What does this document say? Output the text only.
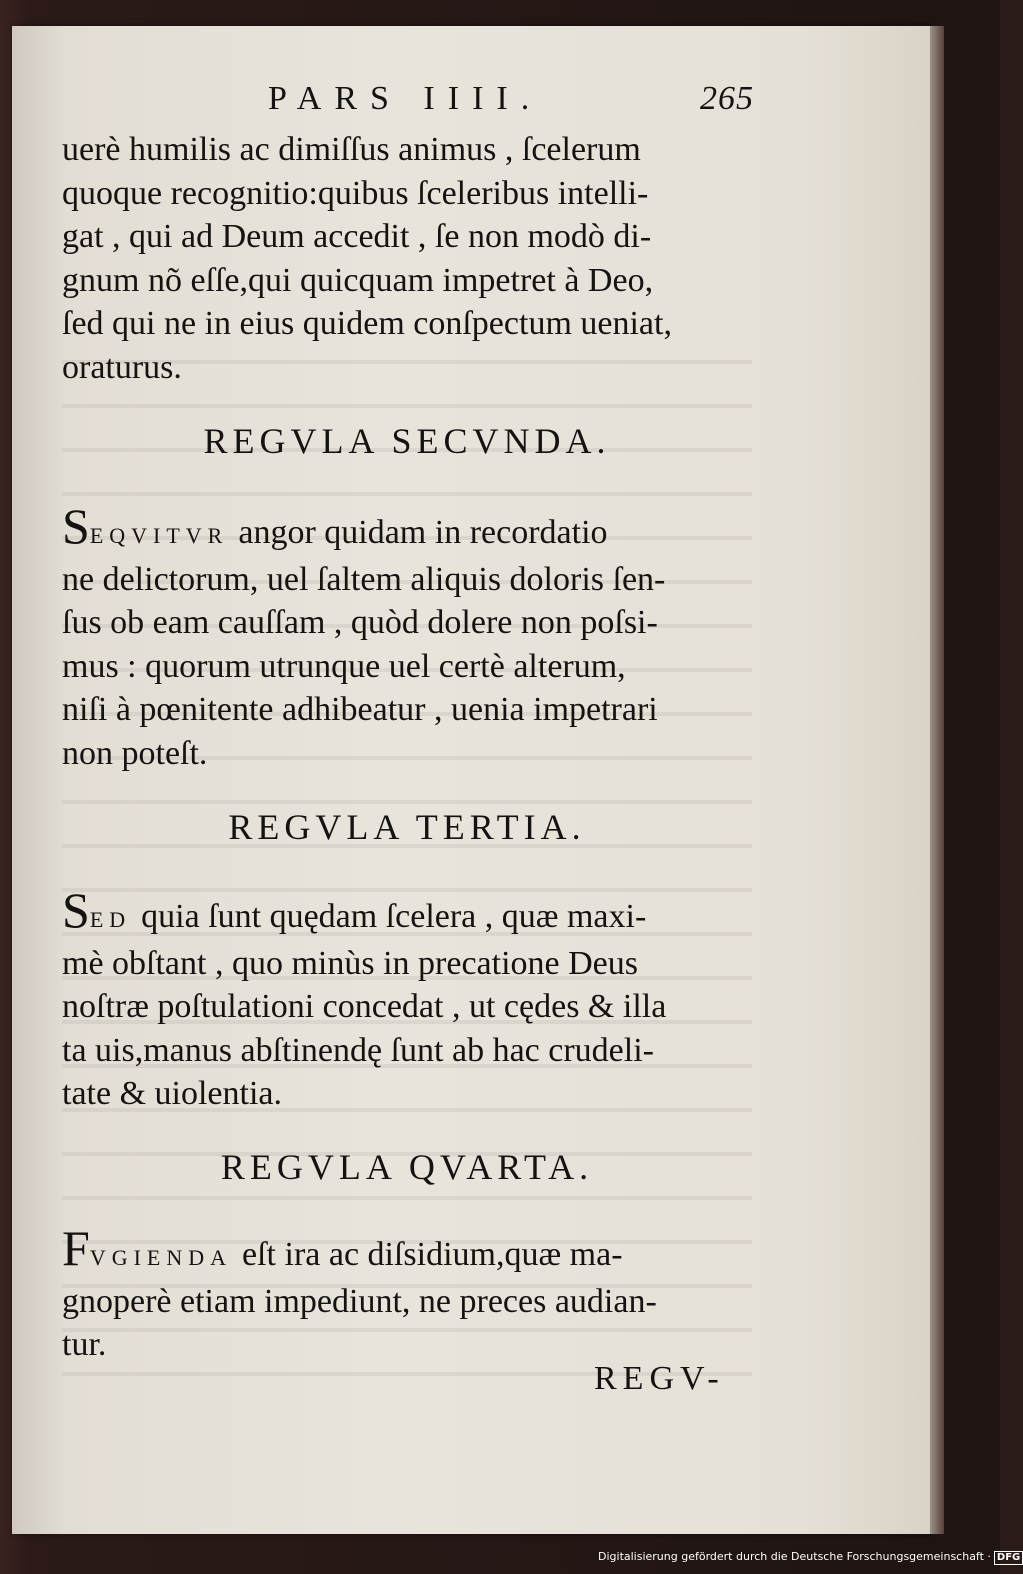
PARS IIII.	265
uerè humilis ac dimiſſus animus , ſcelerum
quoque recognitio:quibus ſceleribus intelli-
gat , qui ad Deum accedit , ſe non modò di-
gnum nõ eſſe,qui quicquam impetret à Deo,
ſed qui ne in eius quidem conſpectum ueniat,
oraturus.
REGVLA SECVNDA.
SEQVITVR angor quidam in recordatio
ne delictorum, uel ſaltem aliquis doloris ſen-
ſus ob eam cauſſam , quòd dolere non poſsi-
mus : quorum utrunque uel certè alterum,
niſi à pœnitente adhibeatur , uenia impetrari
non poteſt.
REGVLA TERTIA.
SED quia ſunt quędam ſcelera , quæ maxi-
mè obſtant , quo minùs in precatione Deus
noſtræ poſtulationi concedat , ut cędes & illa
ta uis,manus abſtinendę ſunt ab hac crudeli-
tate & uiolentia.
REGVLA QVARTA.
FVGIENDA eſt ira ac diſsidium,quæ ma-
gnoperè etiam impediunt, ne preces audian-
tur.
REGV-
Digitalisierung gefördert durch die Deutsche Forschungsgemeinschaft · DFG
